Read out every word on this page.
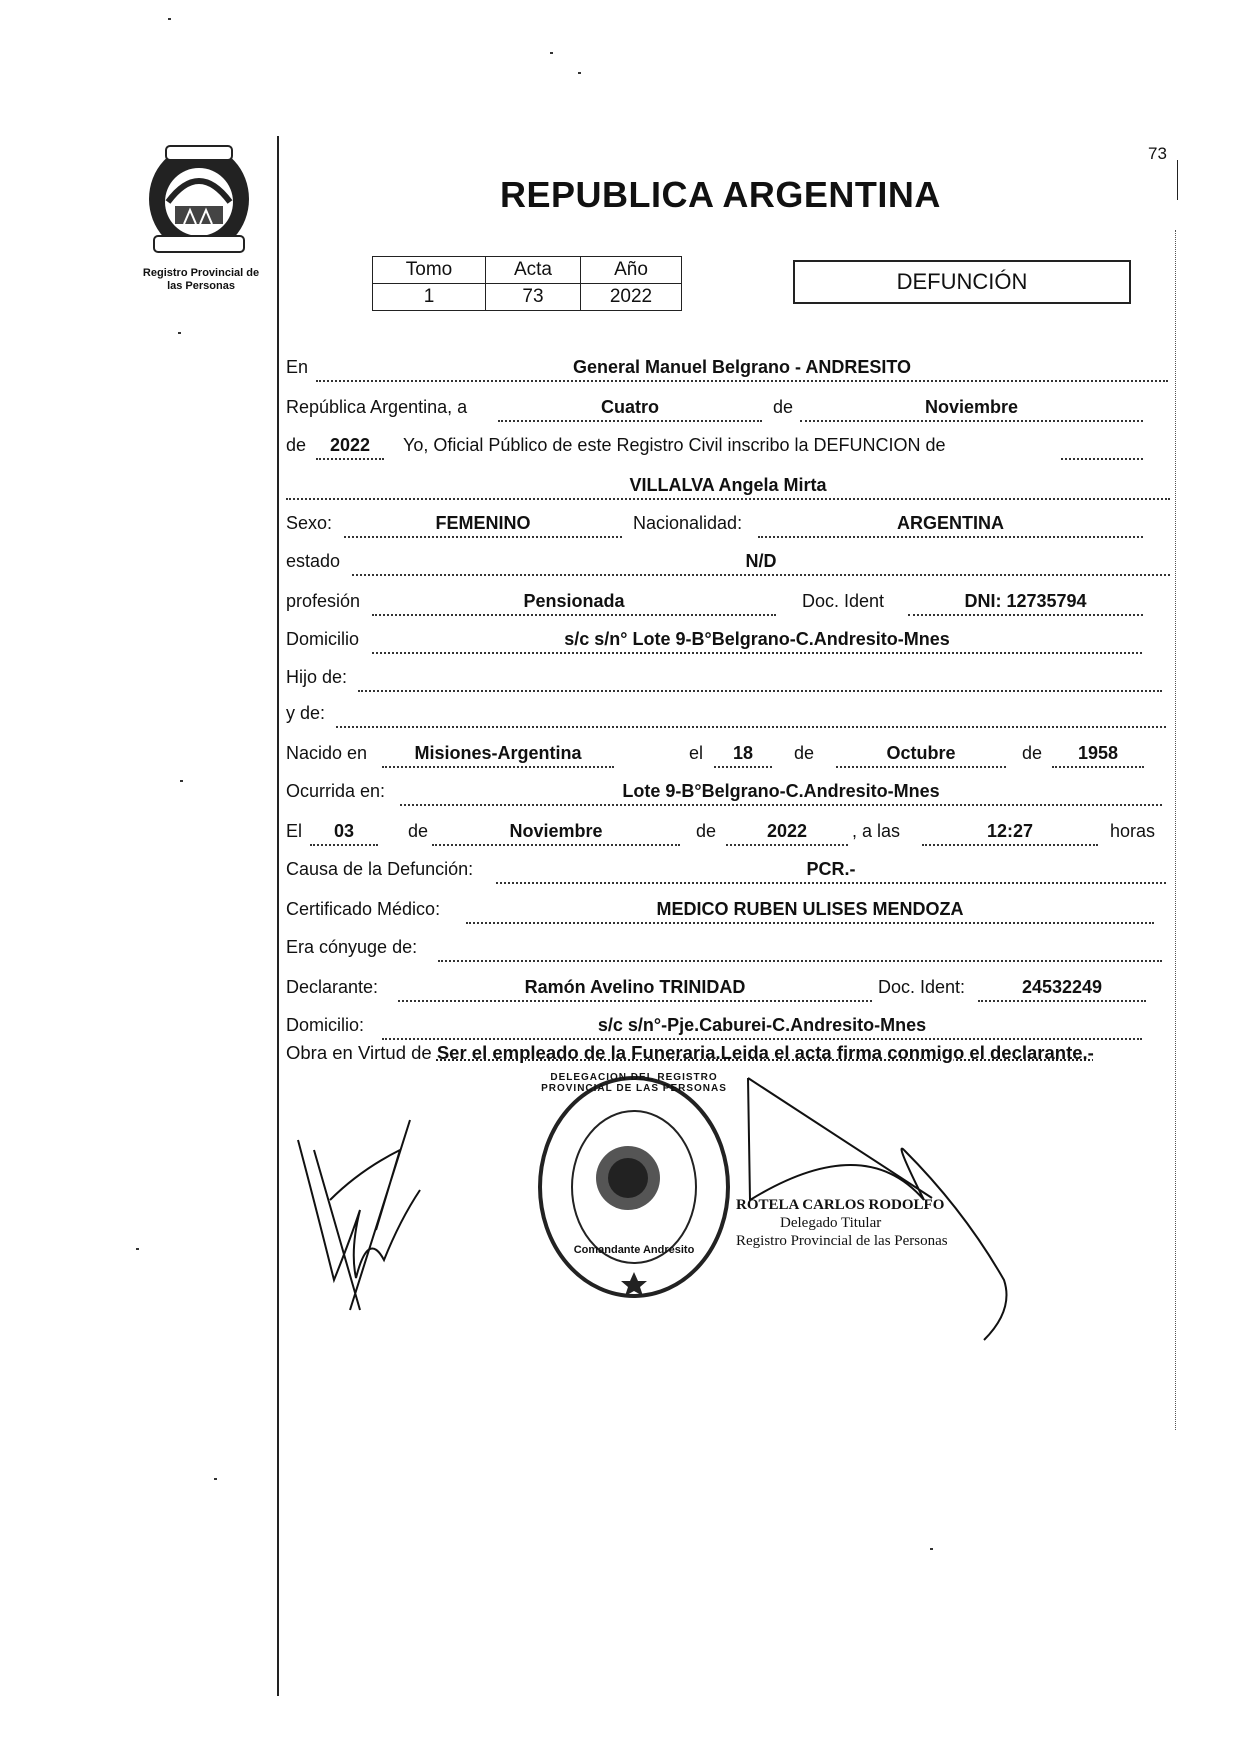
Registro Provincial de
las Personas
73
REPUBLICA ARGENTINA
Tomo	Acta	Año
1	73	2022
DEFUNCIÓN
En	General Manuel Belgrano - ANDRESITO
República Argentina, a	Cuatro	de	Noviembre
de	2022	Yo, Oficial Público de este Registro Civil inscribo la DEFUNCION de
VILLALVA Angela Mirta
Sexo:	FEMENINO	Nacionalidad:	ARGENTINA
estado	N/D
profesión	Pensionada	Doc. Ident	DNI: 12735794
Domicilio	s/c s/n° Lote 9-B°Belgrano-C.Andresito-Mnes
Hijo de:
y de:
Nacido en	Misiones-Argentina	el	18	de	Octubre	de	1958
Ocurrida en:	Lote 9-B°Belgrano-C.Andresito-Mnes
El	03	de	Noviembre	de	2022	, a las	12:27	horas
Causa de la Defunción:	PCR.-
Certificado Médico:	MEDICO RUBEN ULISES MENDOZA
Era cónyuge de:
Declarante:	Ramón Avelino TRINIDAD	Doc. Ident:	24532249
Domicilio:	s/c s/n°-Pje.Caburei-C.Andresito-Mnes
Obra en Virtud de Ser el empleado de la Funeraria.Leida el acta firma conmigo el declarante.-
DELEGACION DEL REGISTRO PROVINCIAL DE LAS PERSONAS
Comandante Andresito
ROTELA CARLOS RODOLFO
Delegado Titular
Registro Provincial de las Personas
